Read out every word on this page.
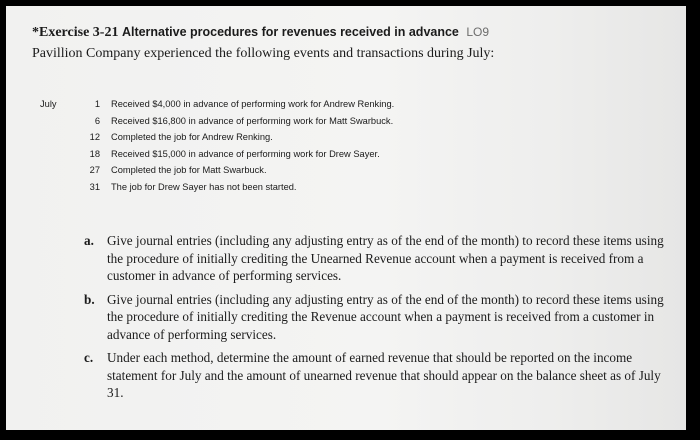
*Exercise 3-21 Alternative procedures for revenues received in advance LO9
Pavillion Company experienced the following events and transactions during July:
July	1 Received $4,000 in advance of performing work for Andrew Renking.
6 Received $16,800 in advance of performing work for Matt Swarbuck.
12 Completed the job for Andrew Renking.
18 Received $15,000 in advance of performing work for Drew Sayer.
27 Completed the job for Matt Swarbuck.
31 The job for Drew Sayer has not been started.
a. Give journal entries (including any adjusting entry as of the end of the month) to record these items using the procedure of initially crediting the Unearned Revenue account when a payment is received from a customer in advance of performing services.
b. Give journal entries (including any adjusting entry as of the end of the month) to record these items using the procedure of initially crediting the Revenue account when a payment is received from a customer in advance of performing services.
c.	Under each method, determine the amount of earned revenue that should be reported on the income statement for July and the amount of unearned revenue that should appear on the balance sheet as of July 31.
